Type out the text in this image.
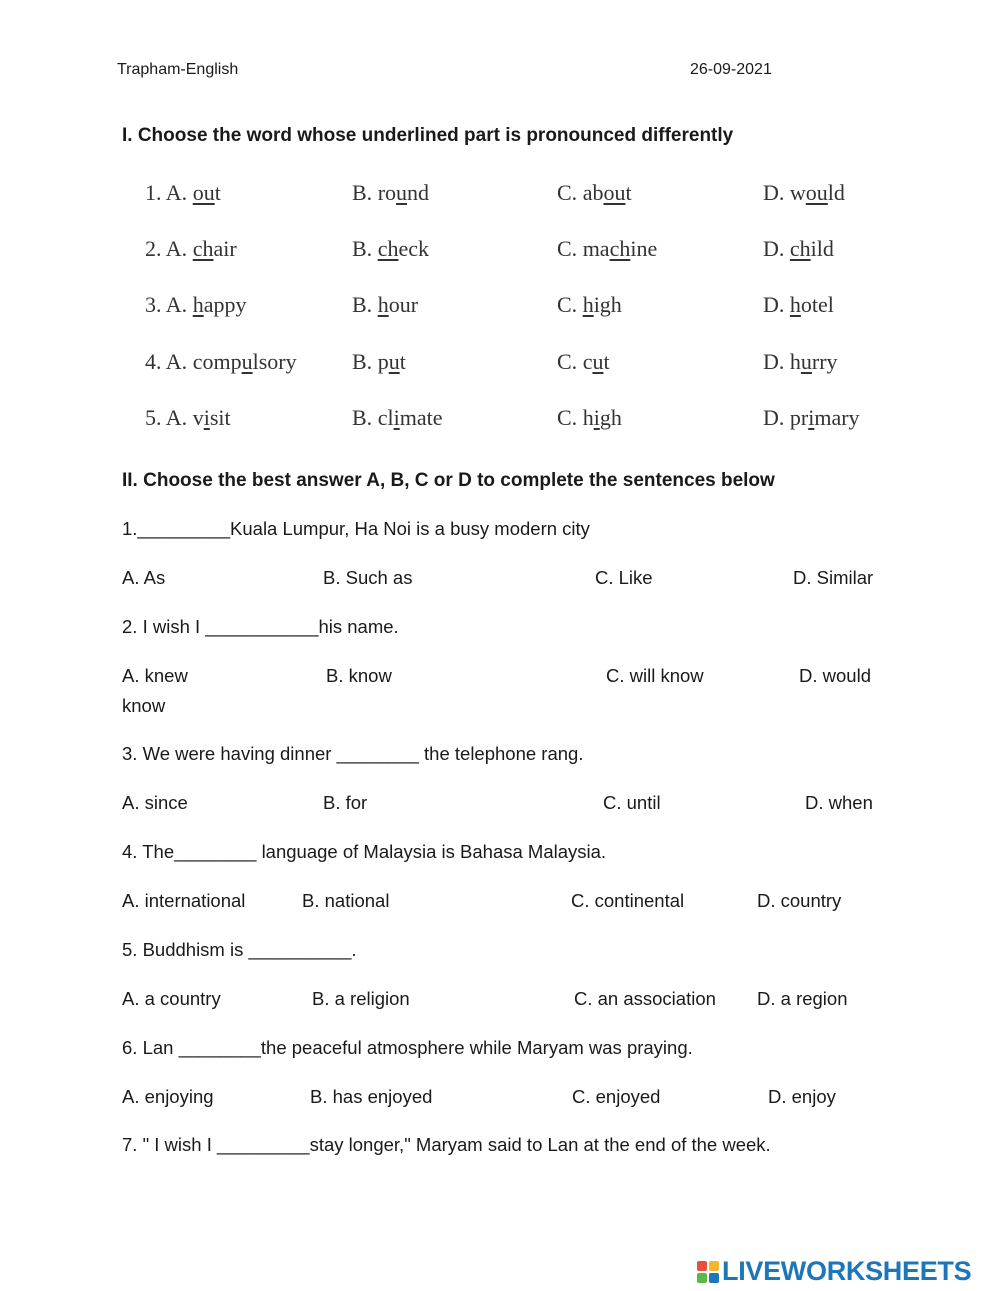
Trapham-English	26-09-2021
I. Choose the word whose underlined part is pronounced differently
1. A. out	B. round	C. about	D. would
2. A. chair	B. check	C. machine	D. child
3. A. happy	B. hour	C. high	D. hotel
4. A. compulsory	B. put	C. cut	D. hurry
5. A. visit	B. climate	C. high	D. primary
II. Choose the best answer A, B, C or D to complete the sentences below
1._________Kuala Lumpur, Ha Noi is a busy modern city
A. As	B. Such as	C. Like	D. Similar
2. I wish I ___________his name.
A. knew	B. know	C. will know	D. would
know
3. We were having dinner ________ the telephone rang.
A. since	B. for	C. until	D. when
4. The________ language of Malaysia is Bahasa Malaysia.
A. international	B. national	C. continental	D. country
5. Buddhism is __________.
A. a country	B. a religion	C. an association D. a region
6. Lan ________the peaceful atmosphere while Maryam was praying.
A. enjoying	B. has enjoyed	C. enjoyed	D. enjoy
7. " I wish I _________stay longer," Maryam said to Lan at the end of the week.
LIVEWORKSHEETS
